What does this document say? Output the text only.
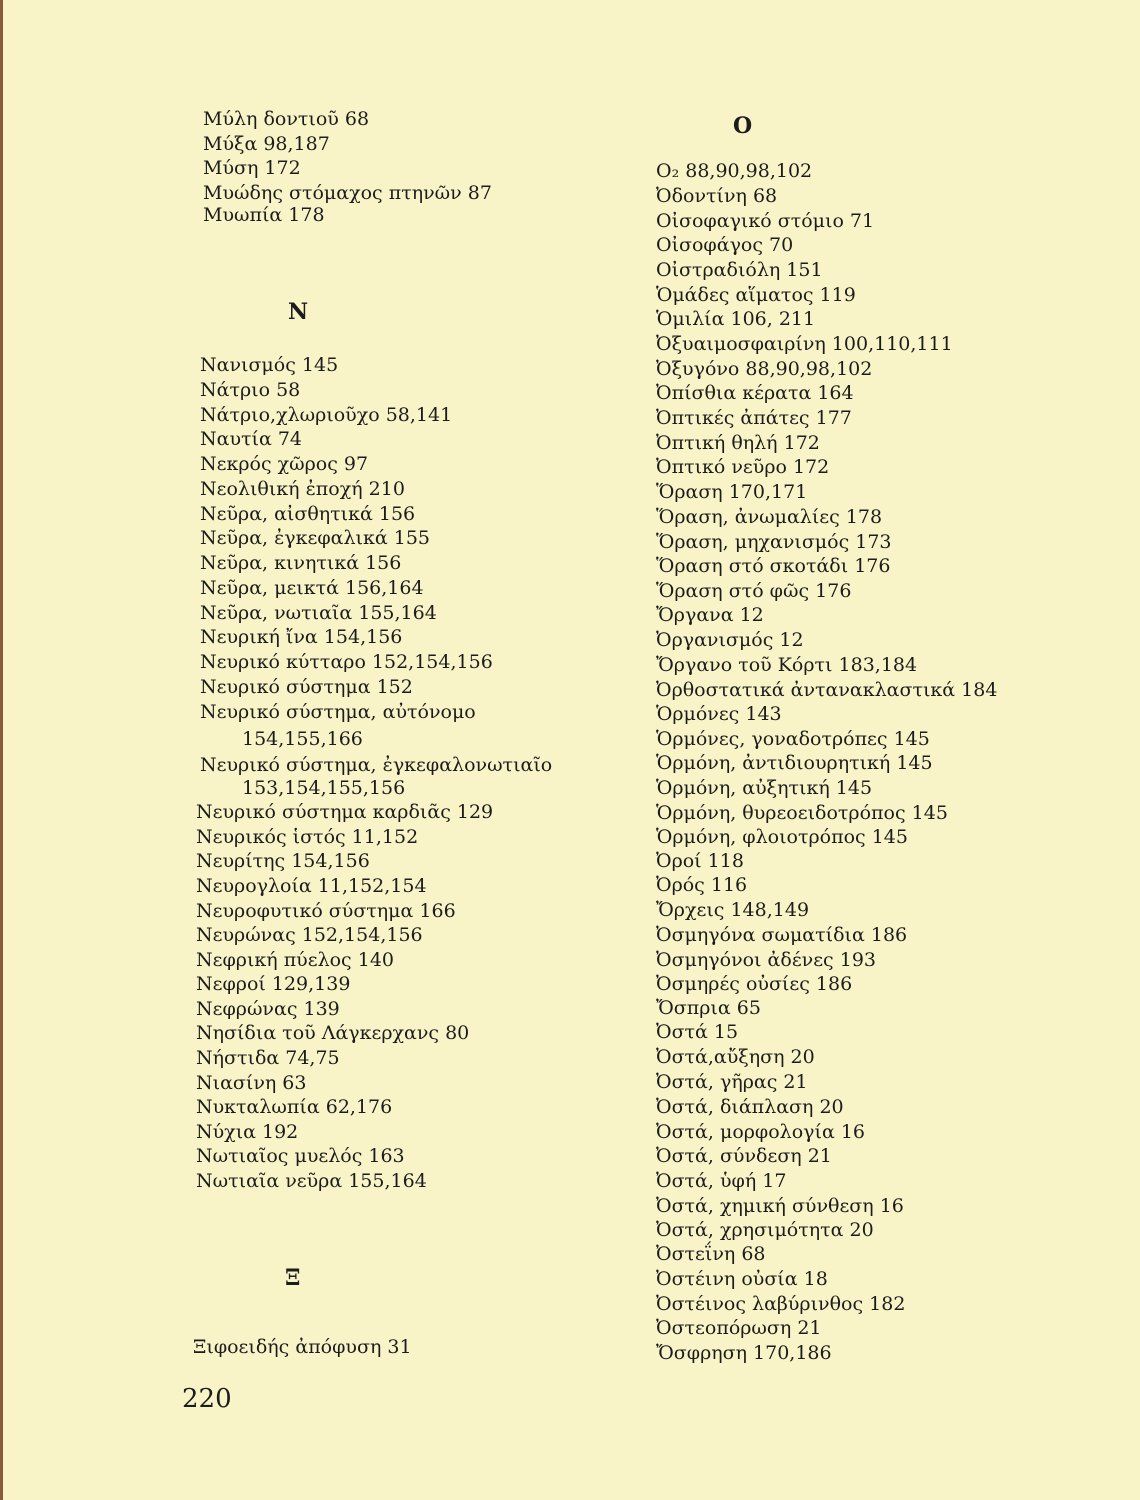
Μύλη δοντιοῦ 68
Μύξα 98,187
Μύση 172
Μυώδης στόμαχος πτηνῶν 87
Μυωπία 178
N
Νανισμός 145
Νάτριο 58
Νάτριο,χλωριοῦχο 58,141
Ναυτία 74
Νεκρός χῶρος 97
Νεολιθική ἐποχή 210
Νεῦρα, αἰσθητικά 156
Νεῦρα, ἐγκεφαλικά 155
Νεῦρα, κινητικά 156
Νεῦρα, μεικτά 156,164
Νεῦρα, νωτιαῖα 155,164
Νευρική ἴνα 154,156
Νευρικό κύτταρο 152,154,156
Νευρικό σύστημα 152
Νευρικό σύστημα, αὐτόνομο
154,155,166
Νευρικό σύστημα, ἐγκεφαλονωτιαῖο
153,154,155,156
Νευρικό σύστημα καρδιᾶς 129
Νευρικός ἱστός 11,152
Νευρίτης 154,156
Νευρογλοία 11,152,154
Νευροφυτικό σύστημα 166
Νευρώνας 152,154,156
Νεφρική πύελος 140
Νεφροί 129,139
Νεφρώνας 139
Νησίδια τοῦ Λάγκερχανς 80
Νήστιδα 74,75
Νιασίνη 63
Νυκταλωπία 62,176
Νύχια 192
Νωτιαῖος μυελός 163
Νωτιαῖα νεῦρα 155,164
Ξ
Ξιφοειδής ἀπόφυση 31
220
O
O₂ 88,90,98,102
Ὀδοντίνη 68
Οἰσοφαγικό στόμιο 71
Οἰσοφάγος 70
Οἰστραδιόλη 151
Ὁμάδες αἵματος 119
Ὁμιλία 106, 211
Ὀξυαιμοσφαιρίνη 100,110,111
Ὀξυγόνο 88,90,98,102
Ὀπίσθια κέρατα 164
Ὀπτικές ἀπάτες 177
Ὀπτική θηλή 172
Ὀπτικό νεῦρο 172
Ὅραση 170,171
Ὅραση, ἀνωμαλίες 178
Ὅραση, μηχανισμός 173
Ὅραση στό σκοτάδι 176
Ὅραση στό φῶς 176
Ὄργανα 12
Ὀργανισμός 12
Ὄργανο τοῦ Κόρτι 183,184
Ὀρθοστατικά ἀντανακλαστικά 184
Ὁρμόνες 143
Ὁρμόνες, γοναδοτρόπες 145
Ὁρμόνη, ἀντιδιουρητική 145
Ὁρμόνη, αὐξητική 145
Ὁρμόνη, θυρεοειδοτρόπος 145
Ὁρμόνη, φλοιοτρόπος 145
Ὀροί 118
Ὀρός 116
Ὄρχεις 148,149
Ὀσμηγόνα σωματίδια 186
Ὀσμηγόνοι ἀδένες 193
Ὀσμηρές οὐσίες 186
Ὄσπρια 65
Ὀστά 15
Ὀστά,αὔξηση 20
Ὀστά, γῆρας 21
Ὀστά, διάπλαση 20
Ὀστά, μορφολογία 16
Ὀστά, σύνδεση 21
Ὀστά, ὑφή 17
Ὀστά, χημική σύνθεση 16
Ὀστά, χρησιμότητα 20
Ὀστεΐνη 68
Ὀστέινη οὐσία 18
Ὀστέινος λαβύρινθος 182
Ὀστεοπόρωση 21
Ὄσφρηση 170,186
